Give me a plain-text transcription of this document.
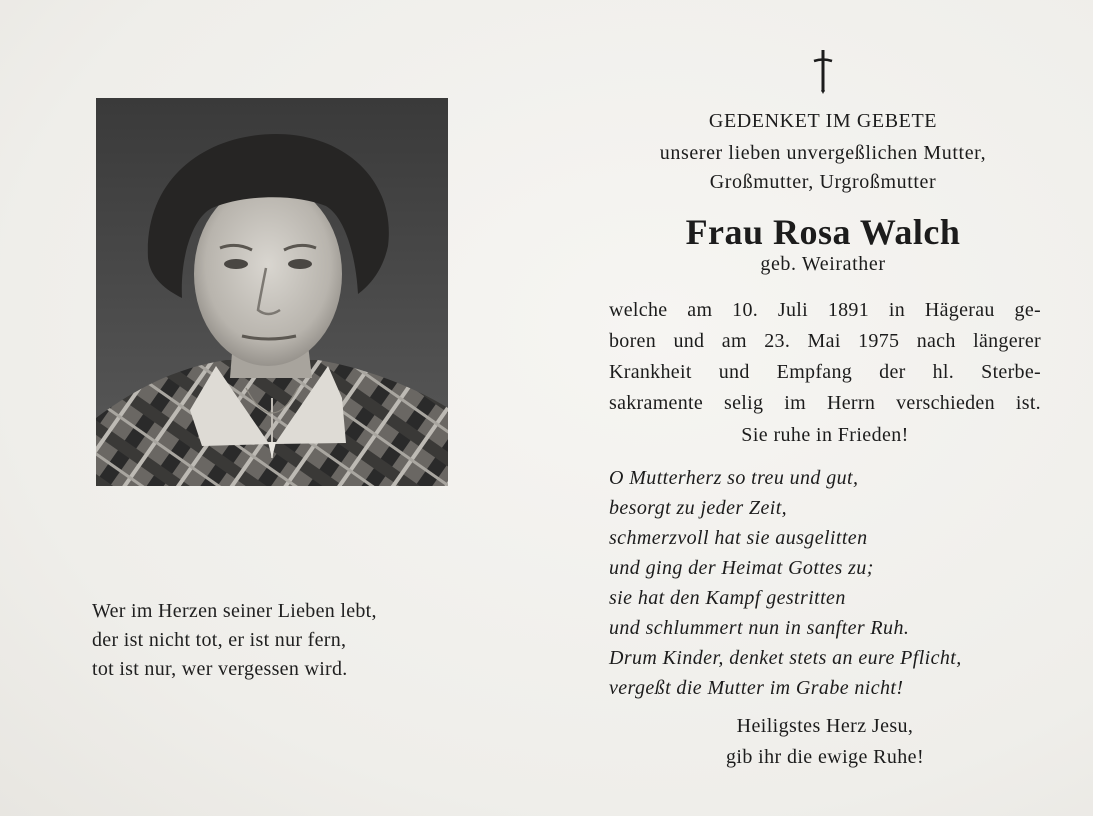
Wer im Herzen seiner Lieben lebt,
der ist nicht tot, er ist nur fern,
tot ist nur, wer vergessen wird.
GEDENKET IM GEBETE
unserer lieben unvergeßlichen Mutter,
Großmutter, Urgroßmutter
Frau Rosa Walch
geb. Weirather
welche am 10. Juli 1891 in Hägerau ge-
boren und am 23. Mai 1975 nach längerer
Krankheit und Empfang der hl. Sterbe-
sakramente selig im Herrn verschieden ist.
Sie ruhe in Frieden!
O Mutterherz so treu und gut,
besorgt zu jeder Zeit,
schmerzvoll hat sie ausgelitten
und ging der Heimat Gottes zu;
sie hat den Kampf gestritten
und schlummert nun in sanfter Ruh.
Drum Kinder, denket stets an eure Pflicht,
vergeßt die Mutter im Grabe nicht!
Heiligstes Herz Jesu,
gib ihr die ewige Ruhe!
